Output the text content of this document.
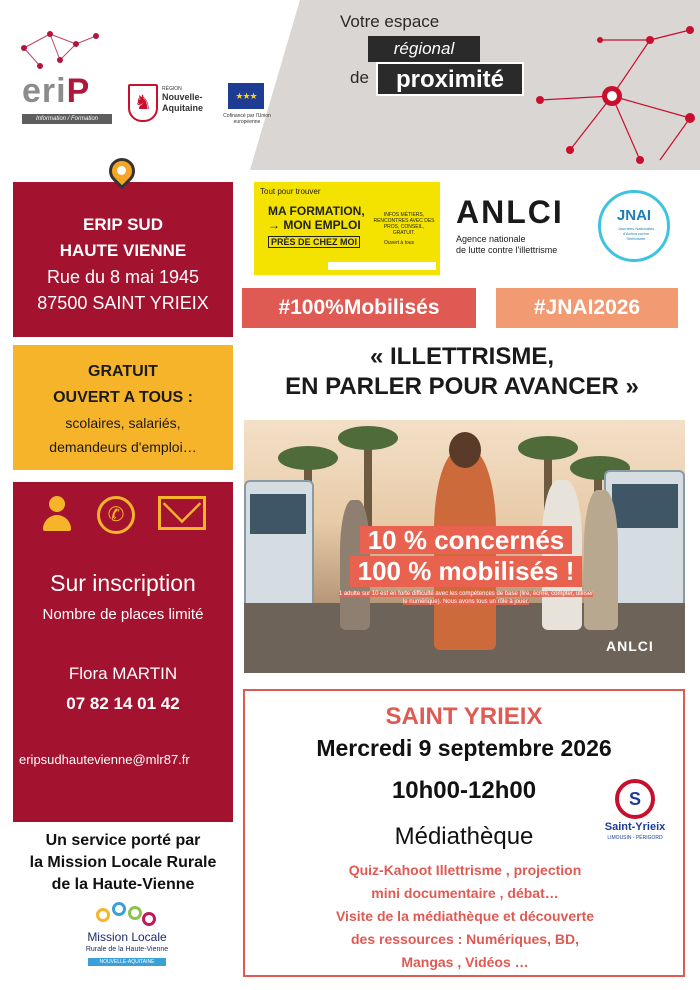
eriP
Information / Formation
♞
RÉGION
Nouvelle-
Aquitaine
★★★
Cofinancé par l'Union européenne
Votre espace
régional
de	proximité
ERIP SUD
HAUTE VIENNE
Rue du 8 mai 1945
87500 SAINT YRIEIX
GRATUIT
OUVERT A TOUS :
scolaires, salariés,
demandeurs d'emploi…
✆
Sur inscription
Nombre de places limité
Flora MARTIN
07 82 14 01 42
eripsudhautevienne@mlr87.fr
Un service porté par
la Mission Locale Rurale
de la Haute-Vienne
Mission Locale
Rurale de la Haute-Vienne
NOUVELLE-AQUITAINE
Tout pour trouver
MA FORMATION,
→ MON EMPLOI
PRÈS DE CHEZ MOI
INFOS MÉTIERS, RENCONTRES AVEC DES PROS, CONSEIL, GRATUIT.
Ouvert à tous
ANLCI
Agence nationale
de lutte contre l'illettrisme
JNAI
Journées Nationales d'Action contre l'Illettrisme
#100%Mobilisés	#JNAI2026
« ILLETTRISME,
EN PARLER POUR AVANCER »
10 % concernés
100 % mobilisés !
1 adulte sur 10 est en forte difficulté avec les compétences de base (lire, écrire, compter, utiliser le numérique). Nous avons tous un rôle à jouer.
ANLCI
SAINT YRIEIX
Mercredi 9 septembre 2026
10h00-12h00
Médiathèque
Quiz-Kahoot Illettrisme , projection
mini documentaire , débat…
Visite de la médiathèque et découverte
des ressources : Numériques, BD,
Mangas , Vidéos …
S
Saint-Yrieix
LIMOUSIN - PÉRIGORD
